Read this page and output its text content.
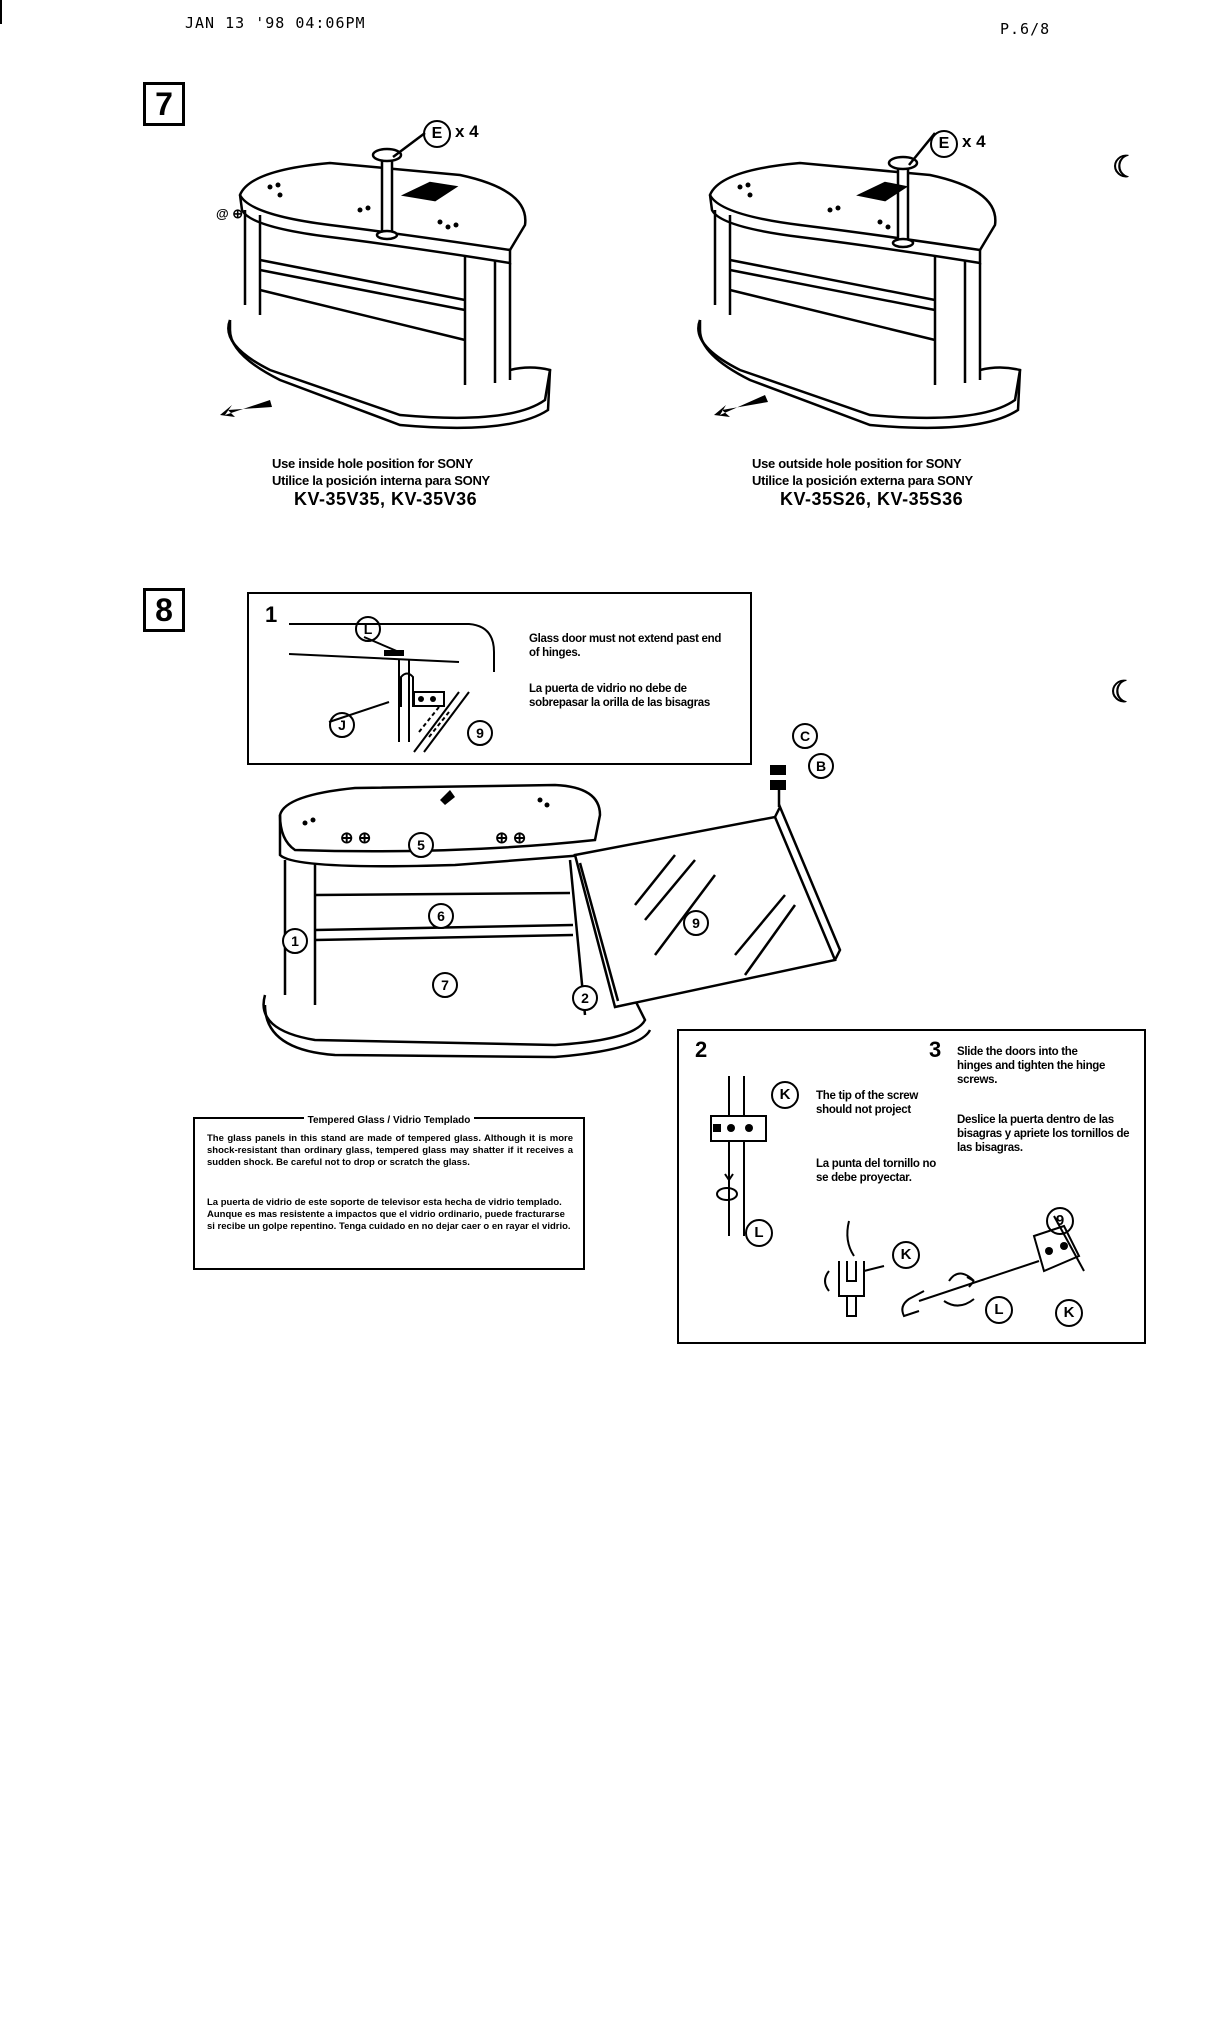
JAN 13 '98 04:06PM	P.6/8
7
@ ⊕
E x 4
E x 4
Use inside hole position for SONY
Utilice la posición interna para SONY
KV-35V35, KV-35V36
Use outside hole position for SONY
Utilice la posición externa para SONY
KV-35S26, KV-35S36
☾
☾
8	1
L
J	9
Glass door must not extend past end of hinges.
La puerta de vidrio no debe de sobrepasar la orilla de las bisagras
⊕ ⊕	⊕ ⊕
1
2
5
6
7
9
C
B
Tempered Glass / Vidrio Templado
The glass panels in this stand are made of tempered glass. Although it is more shock-resistant than ordinary glass, tempered glass may shatter if it receives a sudden shock. Be careful not to drop or scratch the glass.
La puerta de vidrio de este soporte de televisor esta hecha de vidrio templado. Aunque es mas resistente a impactos que el vidrio ordinario, puede fracturarse si recibe un golpe repentino. Tenga cuidado en no dejar caer o en rayar el vidrio.
2
K
L
The tip of the screw should not project
La punta del tornillo no se debe proyectar.
3 Slide the doors into the hinges and tighten the hinge screws.
Deslice la puerta dentro de las bisagras y apriete los tornillos de las bisagras.
K
9
L	K
